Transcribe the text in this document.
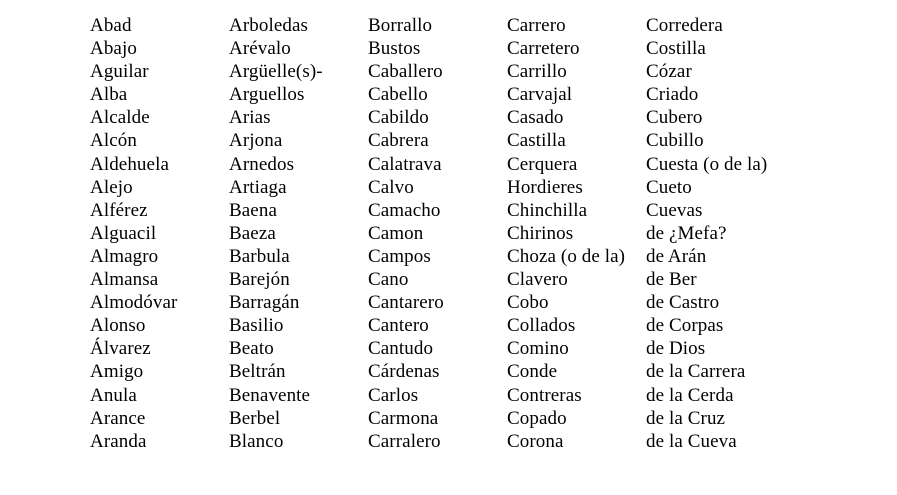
Abad
Abajo
Aguilar
Alba
Alcalde
Alcón
Aldehuela
Alejo
Alférez
Alguacil
Almagro
Almansa
Almodóvar
Alonso
Álvarez
Amigo
Anula
Arance
Aranda
Arboledas
Arévalo
Argüelle(s)-
Arguellos
Arias
Arjona
Arnedos
Artiaga
Baena
Baeza
Barbula
Barejón
Barragán
Basilio
Beato
Beltrán
Benavente
Berbel
Blanco
Borrallo
Bustos
Caballero
Cabello
Cabildo
Cabrera
Calatrava
Calvo
Camacho
Camon
Campos
Cano
Cantarero
Cantero
Cantudo
Cárdenas
Carlos
Carmona
Carralero
Carrero
Carretero
Carrillo
Carvajal
Casado
Castilla
Cerquera
Hordieres
Chinchilla
Chirinos
Choza (o de la)
Clavero
Cobo
Collados
Comino
Conde
Contreras
Copado
Corona
Corredera
Costilla
Cózar
Criado
Cubero
Cubillo
Cuesta (o de la)
Cueto
Cuevas
de ¿Mefa?
de Arán
de Ber
de Castro
de Corpas
de Dios
de la Carrera
de la Cerda
de la Cruz
de la Cueva
